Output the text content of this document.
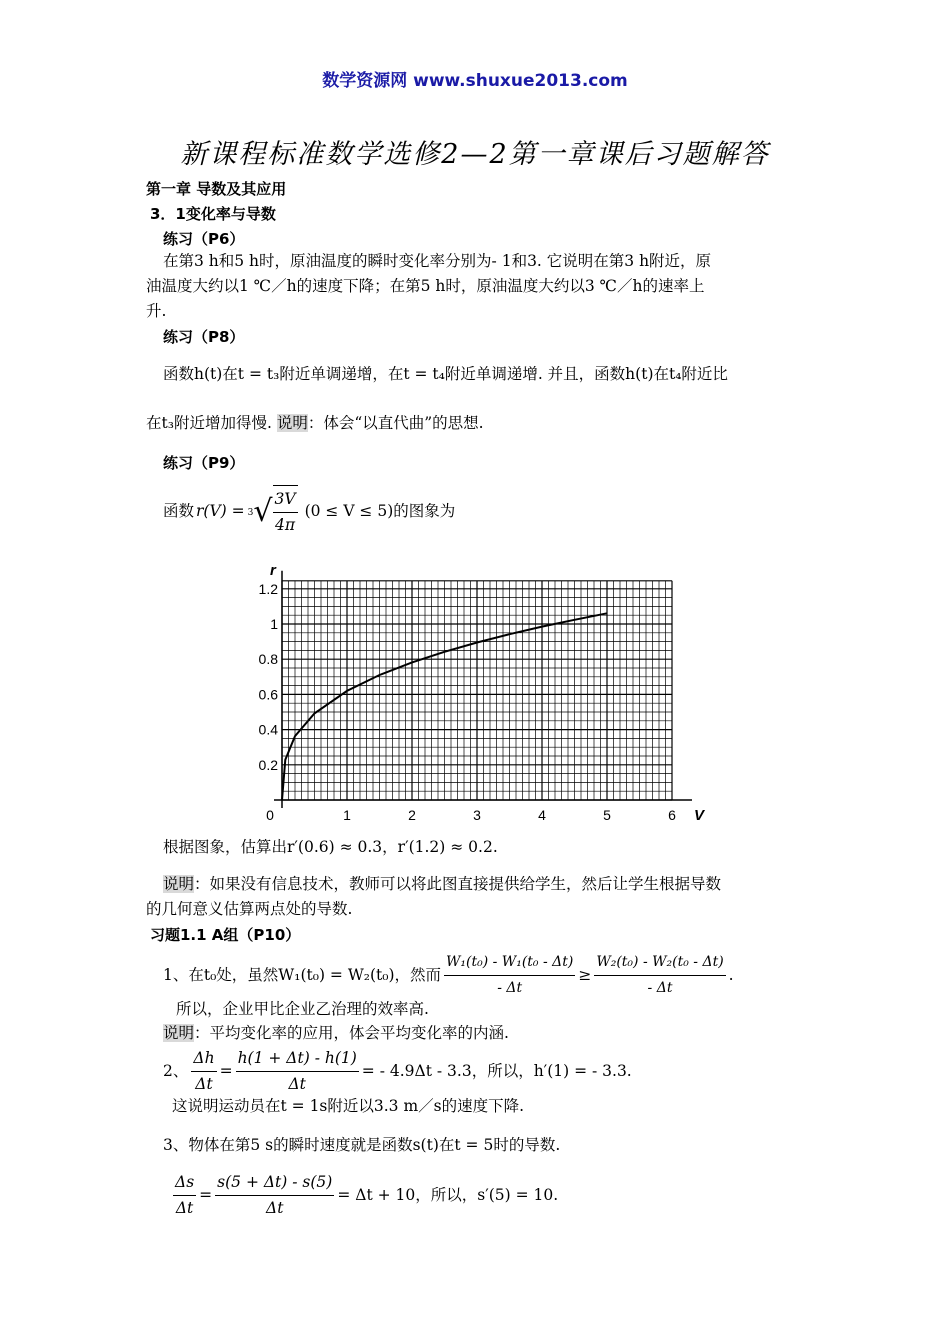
数学资源网 www.shuxue2013.com
新课程标准数学选修2—2第一章课后习题解答
第一章 导数及其应用
3．1变化率与导数
练习（P6）
在第3 h和5 h时，原油温度的瞬时变化率分别为- 1和3. 它说明在第3 h附近，原
油温度大约以1 ℃／h的速度下降；在第5 h时，原油温度大约以3 ℃／h的速率上
升.
练习（P8）
函数h(t)在t = t₃附近单调递增，在t = t₄附近单调递增. 并且，函数h(t)在t₄附近比
在t₃附近增加得慢. 说明：体会“以直代曲”的思想.
练习（P9）
函数 r(V) = 3 √ $\frac{3V}{4\pi} (0 \le V \le 5)$ 的图象为
0	1	2	3	4	5	6
0.2
0.4
0.6
0.8
1
1.2
r
V
根据图象，估算出r′(0.6) ≈ 0.3，r′(1.2) ≈ 0.2.
说明：如果没有信息技术，教师可以将此图直接提供给学生，然后让学生根据导数
的几何意义估算两点处的导数.
习题1.1 A组（P10）
1、在t₀处，虽然W₁(t₀) = W₂(t₀)，然而 $\frac{\text{W₁(t₀) - W₁(t₀ - Δt)}}{- \Delta t} \ge \frac{\text{W₂(t₀) - W₂(t₀ - Δt)}}{- \Delta t}$ .
所以，企业甲比企业乙治理的效率高.
说明：平均变化率的应用，体会平均变化率的内涵.
2、 $\frac{\Delta h}{\Delta t} = \frac{h(1 + \Delta t) - h(1)}{\Delta t}$ = - 4.9Δt - 3.3，所以，h′(1) = - 3.3.
这说明运动员在t = 1s附近以3.3 m／s的速度下降.
3、物体在第5 s的瞬时速度就是函数s(t)在t = 5时的导数.
$\frac{\Delta s}{\Delta t} = \frac{s(5 + \Delta t) - s(5)}{\Delta t} = \Delta t + 10$，所以，s′(5) = 10.
